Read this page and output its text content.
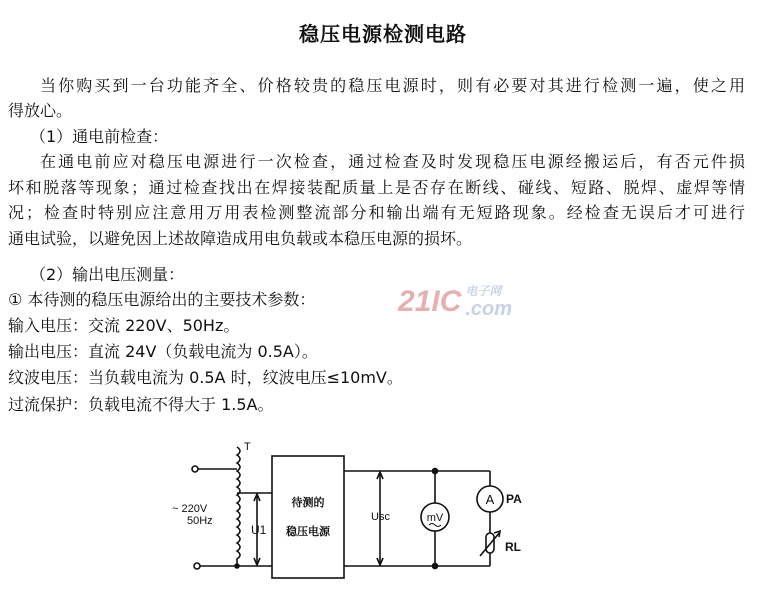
稳压电源检测电路
当你购买到一台功能齐全、价格较贵的稳压电源时，则有必要对其进行检测一遍，使之用
得放心。
（1）通电前检查：
在通电前应对稳压电源进行一次检查，通过检查及时发现稳压电源经搬运后，有否元件损
坏和脱落等现象；通过检查找出在焊接装配质量上是否存在断线、碰线、短路、脱焊、虚焊等情
况；检查时特别应注意用万用表检测整流部分和输出端有无短路现象。经检查无误后才可进行
通电试验，以避免因上述故障造成用电负载或本稳压电源的损坏。
（2）输出电压测量：
① 本待测的稳压电源给出的主要技术参数：
输入电压：交流 220V、50Hz。
输出电压：直流 24V（负载电流为 0.5A）。
纹波电压：当负载电流为 0.5A 时，纹波电压≤10mV。
过流保护：负载电流不得大于 1.5A。
21IC 电子网
.com
T
~ 220V
50Hz
U1
待测的
稳压电源
Usc	mV
A PA
RL
